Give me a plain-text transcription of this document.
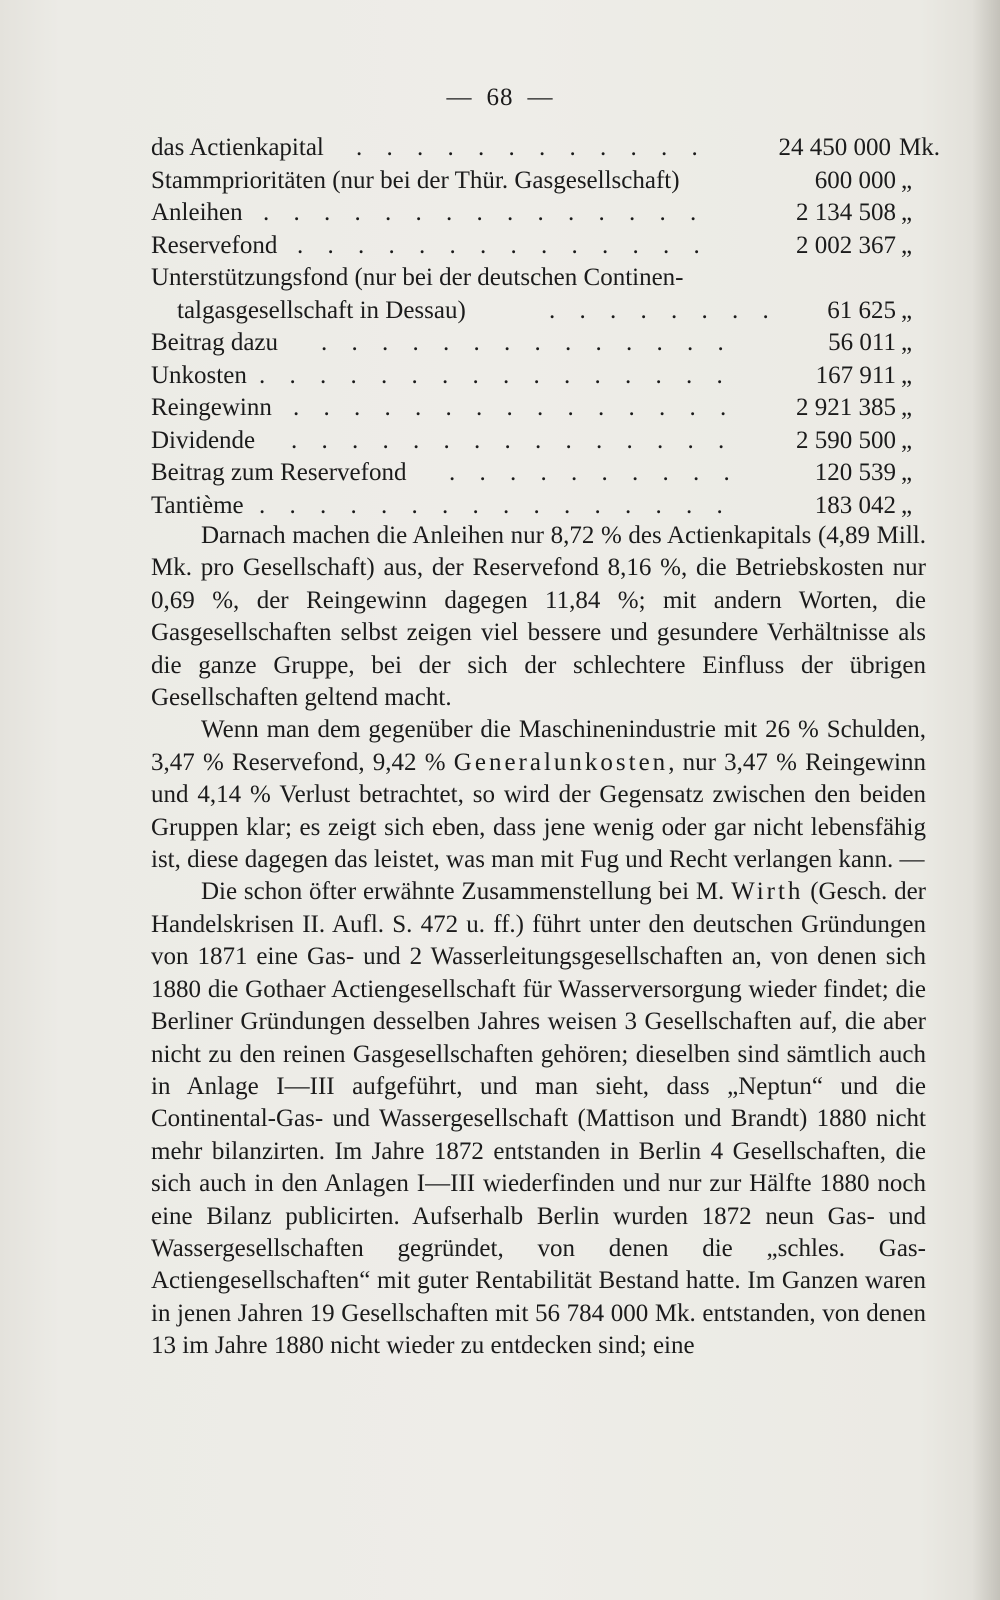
— 68 —
das Actienkapital . . . . . . . . . . . .	24 450 000 Mk.
Stammprioritäten (nur bei der Thür. Gasgesellschaft)	600 000 „
Anleihen . . . . . . . . . . . . . . .	2 134 508 „
Reservefond . . . . . . . . . . . . . .	2 002 367 „
Unterstützungsfond (nur bei der deutschen Continen-
talgasgesellschaft in Dessau)	. . . . . . . . 61 625 „
Beitrag dazu . . . . . . . . . . . . . .	56 011 „
Unkosten . . . . . . . . . . . . . . . .	167 911 „
Reingewinn . . . . . . . . . . . . . . . 2 921 385 „
Dividende . . . . . . . . . . . . . . .	2 590 500 „
Beitrag zum Reservefond . . . . . . . . . .	120 539 „
Tantième . . . . . . . . . . . . . . . .	183 042 „

Darnach machen die Anleihen nur 8,72 % des Actienkapitals (4,89 Mill. Mk. pro Gesellschaft) aus, der Reservefond 8,16 %, die Betriebskosten nur 0,69 %, der Reingewinn dagegen 11,84 %; mit andern Worten, die Gasgesellschaften selbst zeigen viel bessere und gesundere Verhältnisse als die ganze Gruppe, bei der sich der schlechtere Einfluss der übrigen Gesellschaften geltend macht.

Wenn man dem gegenüber die Maschinenindustrie mit 26 % Schulden, 3,47 % Reservefond, 9,42 % Generalunkosten, nur 3,47 % Reingewinn und 4,14 % Verlust betrachtet, so wird der Gegensatz zwischen den beiden Gruppen klar; es zeigt sich eben, dass jene wenig oder gar nicht lebensfähig ist, diese dagegen das leistet, was man mit Fug und Recht verlangen kann. —

Die schon öfter erwähnte Zusammenstellung bei M. Wirth (Gesch. der Handelskrisen II. Aufl. S. 472 u. ff.) führt unter den deutschen Gründungen von 1871 eine Gas- und 2 Wasserleitungsgesellschaften an, von denen sich 1880 die Gothaer Actiengesellschaft für Wasserversorgung wieder findet; die Berliner Gründungen desselben Jahres weisen 3 Gesellschaften auf, die aber nicht zu den reinen Gasgesellschaften gehören; dieselben sind sämtlich auch in Anlage I—III aufgeführt, und man sieht, dass „Neptun“ und die Continental-Gas- und Wassergesellschaft (Mattison und Brandt) 1880 nicht mehr bilanzirten. Im Jahre 1872 entstanden in Berlin 4 Gesellschaften, die sich auch in den Anlagen I—III wiederfinden und nur zur Hälfte 1880 noch eine Bilanz publicirten. Aufserhalb Berlin wurden 1872 neun Gas- und Wassergesellschaften gegründet, von denen die „schles. Gas-Actiengesellschaften“ mit guter Rentabilität Bestand hatte. Im Ganzen waren in jenen Jahren 19 Gesellschaften mit 56 784 000 Mk. entstanden, von denen 13 im Jahre 1880 nicht wieder zu entdecken sind; eine
